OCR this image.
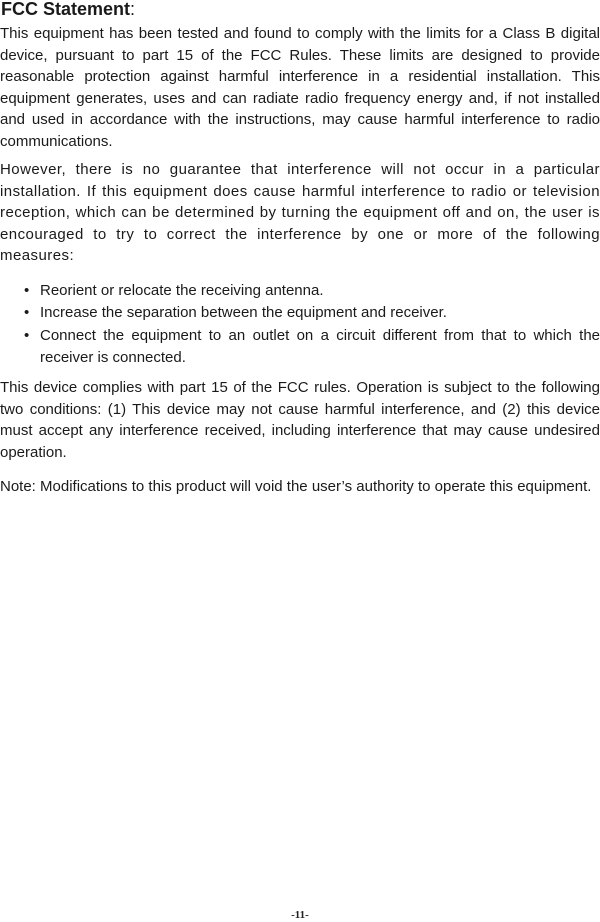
FCC Statement:

This equipment has been tested and found to comply with the limits for a Class B digital device, pursuant to part 15 of the FCC Rules. These limits are designed to provide reasonable protection against harmful interference in a residential installation. This equipment generates, uses and can radiate radio frequency energy and, if not installed and used in accordance with the instructions, may cause harmful interference to radio communications.

However, there is no guarantee that interference will not occur in a particular installation. If this equipment does cause harmful interference to radio or television reception, which can be determined by turning the equipment off and on, the user is encouraged to try to correct the interference by one or more of the following measures:

• Reorient or relocate the receiving antenna.
• Increase the separation between the equipment and receiver.
• Connect the equipment to an outlet on a circuit different from that to which the receiver is connected.

This device complies with part 15 of the FCC rules. Operation is subject to the following two conditions: (1) This device may not cause harmful interference, and (2) this device must accept any interference received, including interference that may cause undesired operation.

Note: Modifications to this product will void the user’s authority to operate this equipment.

-11-
